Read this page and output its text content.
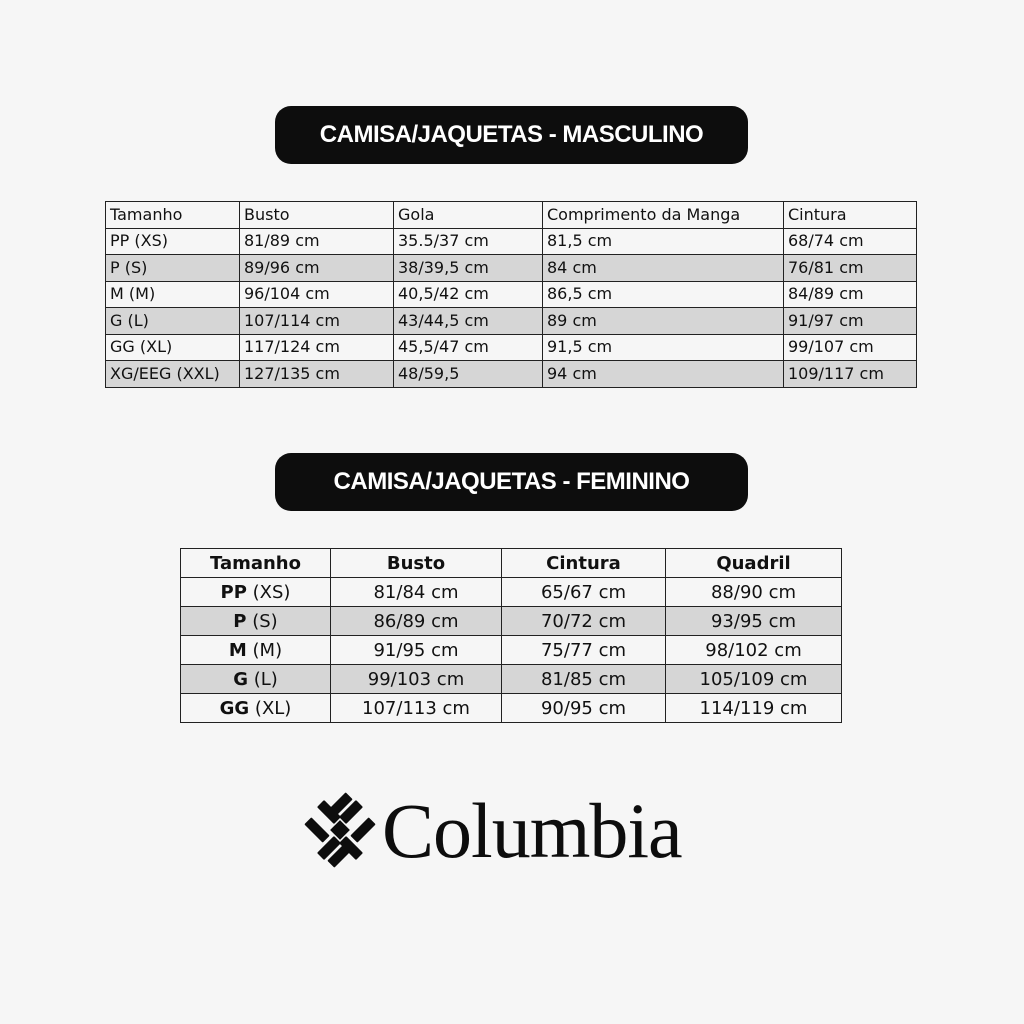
CAMISA/JAQUETAS - MASCULINO
Tamanho	Busto	Gola	Comprimento da Manga	Cintura
PP (XS)	81/89 cm	35.5/37 cm	81,5 cm	68/74 cm
P (S)	89/96 cm	38/39,5 cm	84 cm	76/81 cm
M (M)	96/104 cm	40,5/42 cm	86,5 cm	84/89 cm
G (L)	107/114 cm	43/44,5 cm	89 cm	91/97 cm
GG (XL)	117/124 cm	45,5/47 cm	91,5 cm	99/107 cm
XG/EEG (XXL)	127/135 cm	48/59,5	94 cm	109/117 cm
CAMISA/JAQUETAS - FEMININO
Tamanho	Busto	Cintura	Quadril
PP (XS)	81/84 cm	65/67 cm	88/90 cm
P (S)	86/89 cm	70/72 cm	93/95 cm
M (M)	91/95 cm	75/77 cm	98/102 cm
G (L)	99/103 cm	81/85 cm	105/109 cm
GG (XL)	107/113 cm	90/95 cm	114/119 cm
Columbia
